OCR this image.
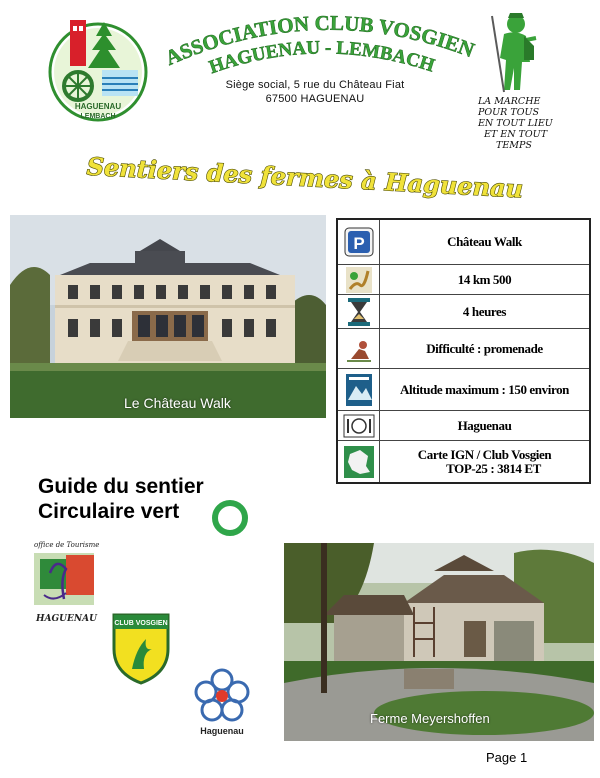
HAGUENAU
LEMBACH
ASSOCIATION CLUB VOSGIEN
HAGUENAU - LEMBACH
Siège social, 5 rue du Château Fiat
67500 HAGUENAU	LA MARCHE
POUR TOUS
EN TOUT LIEU
ET EN TOUT
TEMPS
Sentiers des fermes à Haguenau
Le Château Walk
P	Château Walk
14 km 500
4 heures
Difficulté : promenade
Altitude maximum : 150 environ
Haguenau
Carte IGN / Club Vosgien
TOP-25 : 3814 ET
Guide du sentier
Circulaire vert
office de Tourisme
HAGUENAU CLUB VOSGIEN
Haguenau
Ferme Meyershoffen
Page 1
